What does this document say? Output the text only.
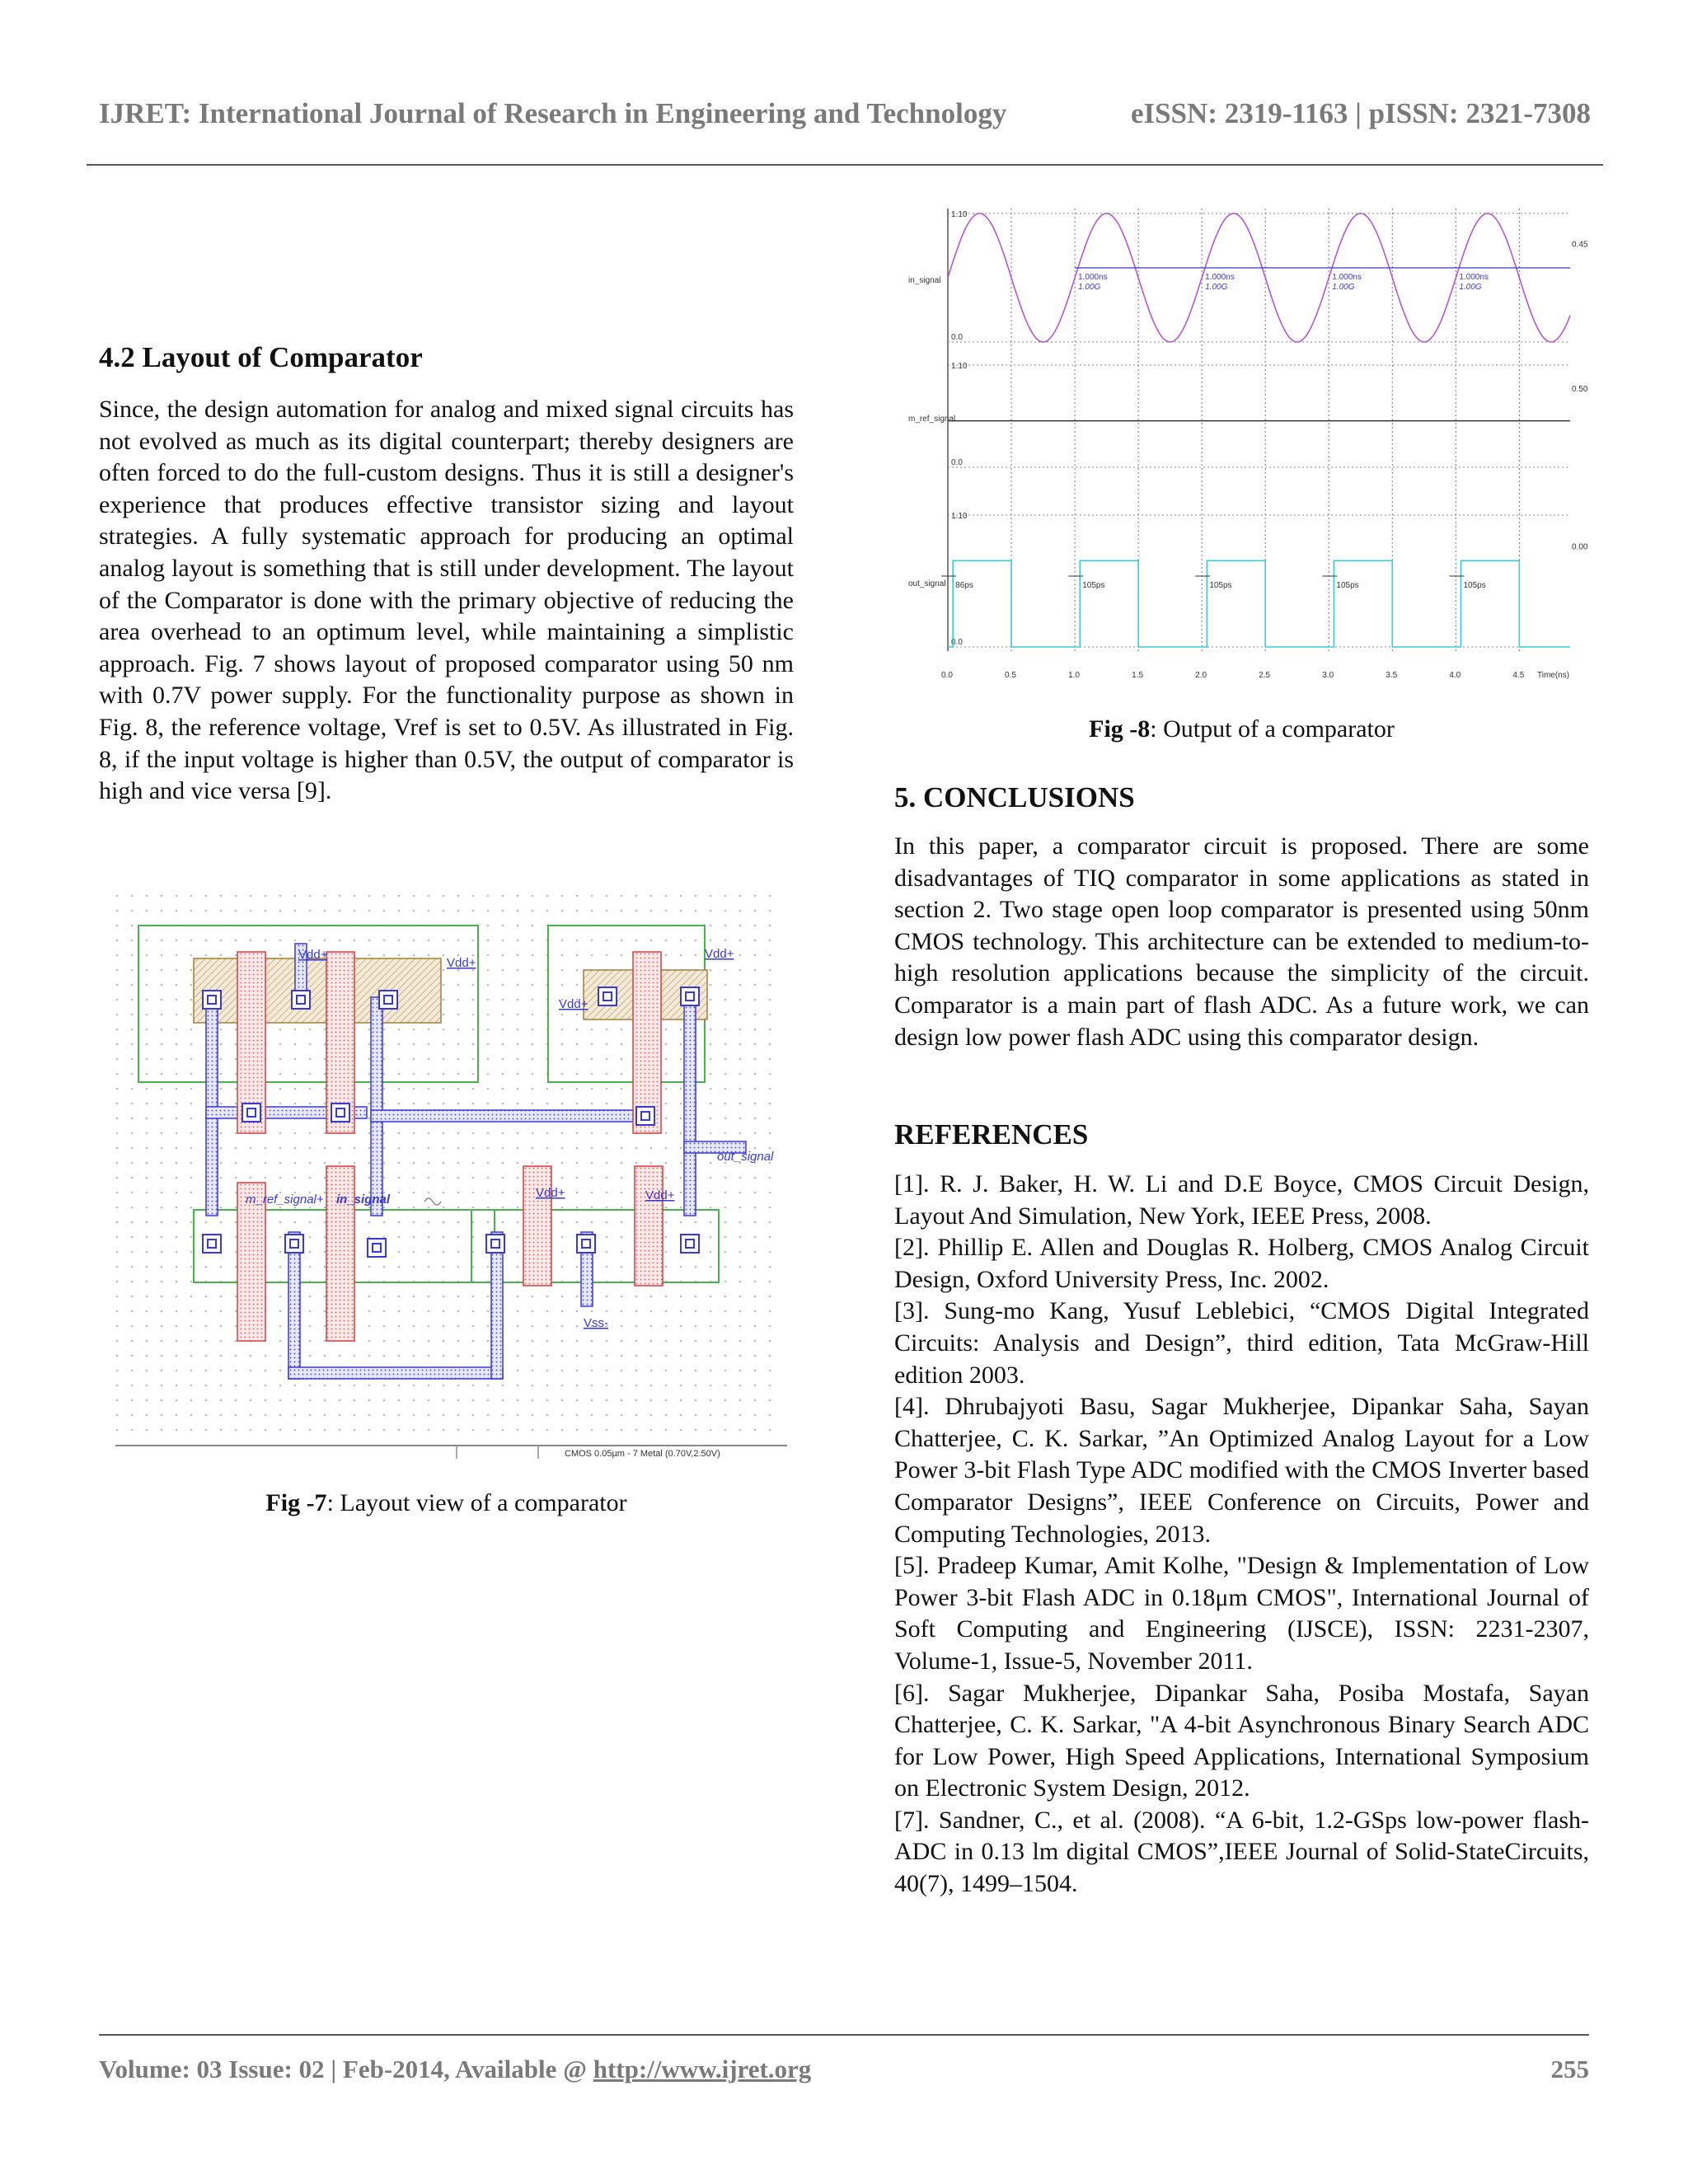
IJRET: International Journal of Research in Engineering and Technology	eISSN: 2319-1163 | pISSN: 2321-7308
4.2 Layout of Comparator

Since, the design automation for analog and mixed signal circuits has not evolved as much as its digital counterpart; thereby designers are often forced to do the full-custom designs. Thus it is still a designer's experience that produces effective transistor sizing and layout strategies. A fully systematic approach for producing an optimal analog layout is something that is still under development. The layout of the Comparator is done with the primary objective of reducing the area overhead to an optimum level, while maintaining a simplistic approach. Fig. 7 shows layout of proposed comparator using 50 nm with 0.7V power supply. For the functionality purpose as shown in Fig. 8, the reference voltage, Vref is set to 0.5V. As illustrated in Fig. 8, if the input voltage is higher than 0.5V, the output of comparator is high and vice versa [9].

Vdd+
Vdd+
Vdd+
Vdd+
Vdd+	Vdd+
m_ref_signal+ in_signal
out_signal
Vss-
CMOS 0.05µm - 7 Metal (0.70V,2.50V)
Fig -7: Layout view of a comparator
1.10
0.0
in_signal
0.45
1.10
0.0
m_ref_signal
0.50
1.10
0.0
out_signal
0.00
1.000ns
1.00G
1.000ns
1.00G
1.000ns
1.00G
1.000ns
1.00G
86ps	105ps	105ps	105ps	105ps
0.0	0.5	1.0	1.5	2.0	2.5	3.0	3.5	4.0	4.5 Time(ns)
Fig -8: Output of a comparator
5. CONCLUSIONS

In this paper, a comparator circuit is proposed. There are some disadvantages of TIQ comparator in some applications as stated in section 2. Two stage open loop comparator is presented using 50nm CMOS technology. This architecture can be extended to medium-to-high resolution applications because the simplicity of the circuit. Comparator is a main part of flash ADC. As a future work, we can design low power flash ADC using this comparator design.

REFERENCES
[1]. R. J. Baker, H. W. Li and D.E Boyce, CMOS Circuit Design, Layout And Simulation, New York, IEEE Press, 2008.
[2]. Phillip E. Allen and Douglas R. Holberg, CMOS Analog Circuit Design, Oxford University Press, Inc. 2002.
[3]. Sung-mo Kang, Yusuf Leblebici, “CMOS Digital Integrated Circuits: Analysis and Design”, third edition, Tata McGraw-Hill edition 2003.
[4]. Dhrubajyoti Basu, Sagar Mukherjee, Dipankar Saha, Sayan Chatterjee, C. K. Sarkar, ”An Optimized Analog Layout for a Low Power 3-bit Flash Type ADC modified with the CMOS Inverter based Comparator Designs”, IEEE Conference on Circuits, Power and Computing Technologies, 2013.
[5]. Pradeep Kumar, Amit Kolhe, "Design & Implementation of Low Power 3-bit Flash ADC in 0.18μm CMOS", International Journal of Soft Computing and Engineering (IJSCE), ISSN: 2231-2307, Volume-1, Issue-5, November 2011.
[6]. Sagar Mukherjee, Dipankar Saha, Posiba Mostafa, Sayan Chatterjee, C. K. Sarkar, "A 4-bit Asynchronous Binary Search ADC for Low Power, High Speed Applications, International Symposium on Electronic System Design, 2012.
[7]. Sandner, C., et al. (2008). “A 6-bit, 1.2-GSps low-power flash-ADC in 0.13 lm digital CMOS”,IEEE Journal of Solid-StateCircuits, 40(7), 1499–1504.
Volume: 03 Issue: 02 | Feb-2014, Available @ http://www.ijret.org	255
